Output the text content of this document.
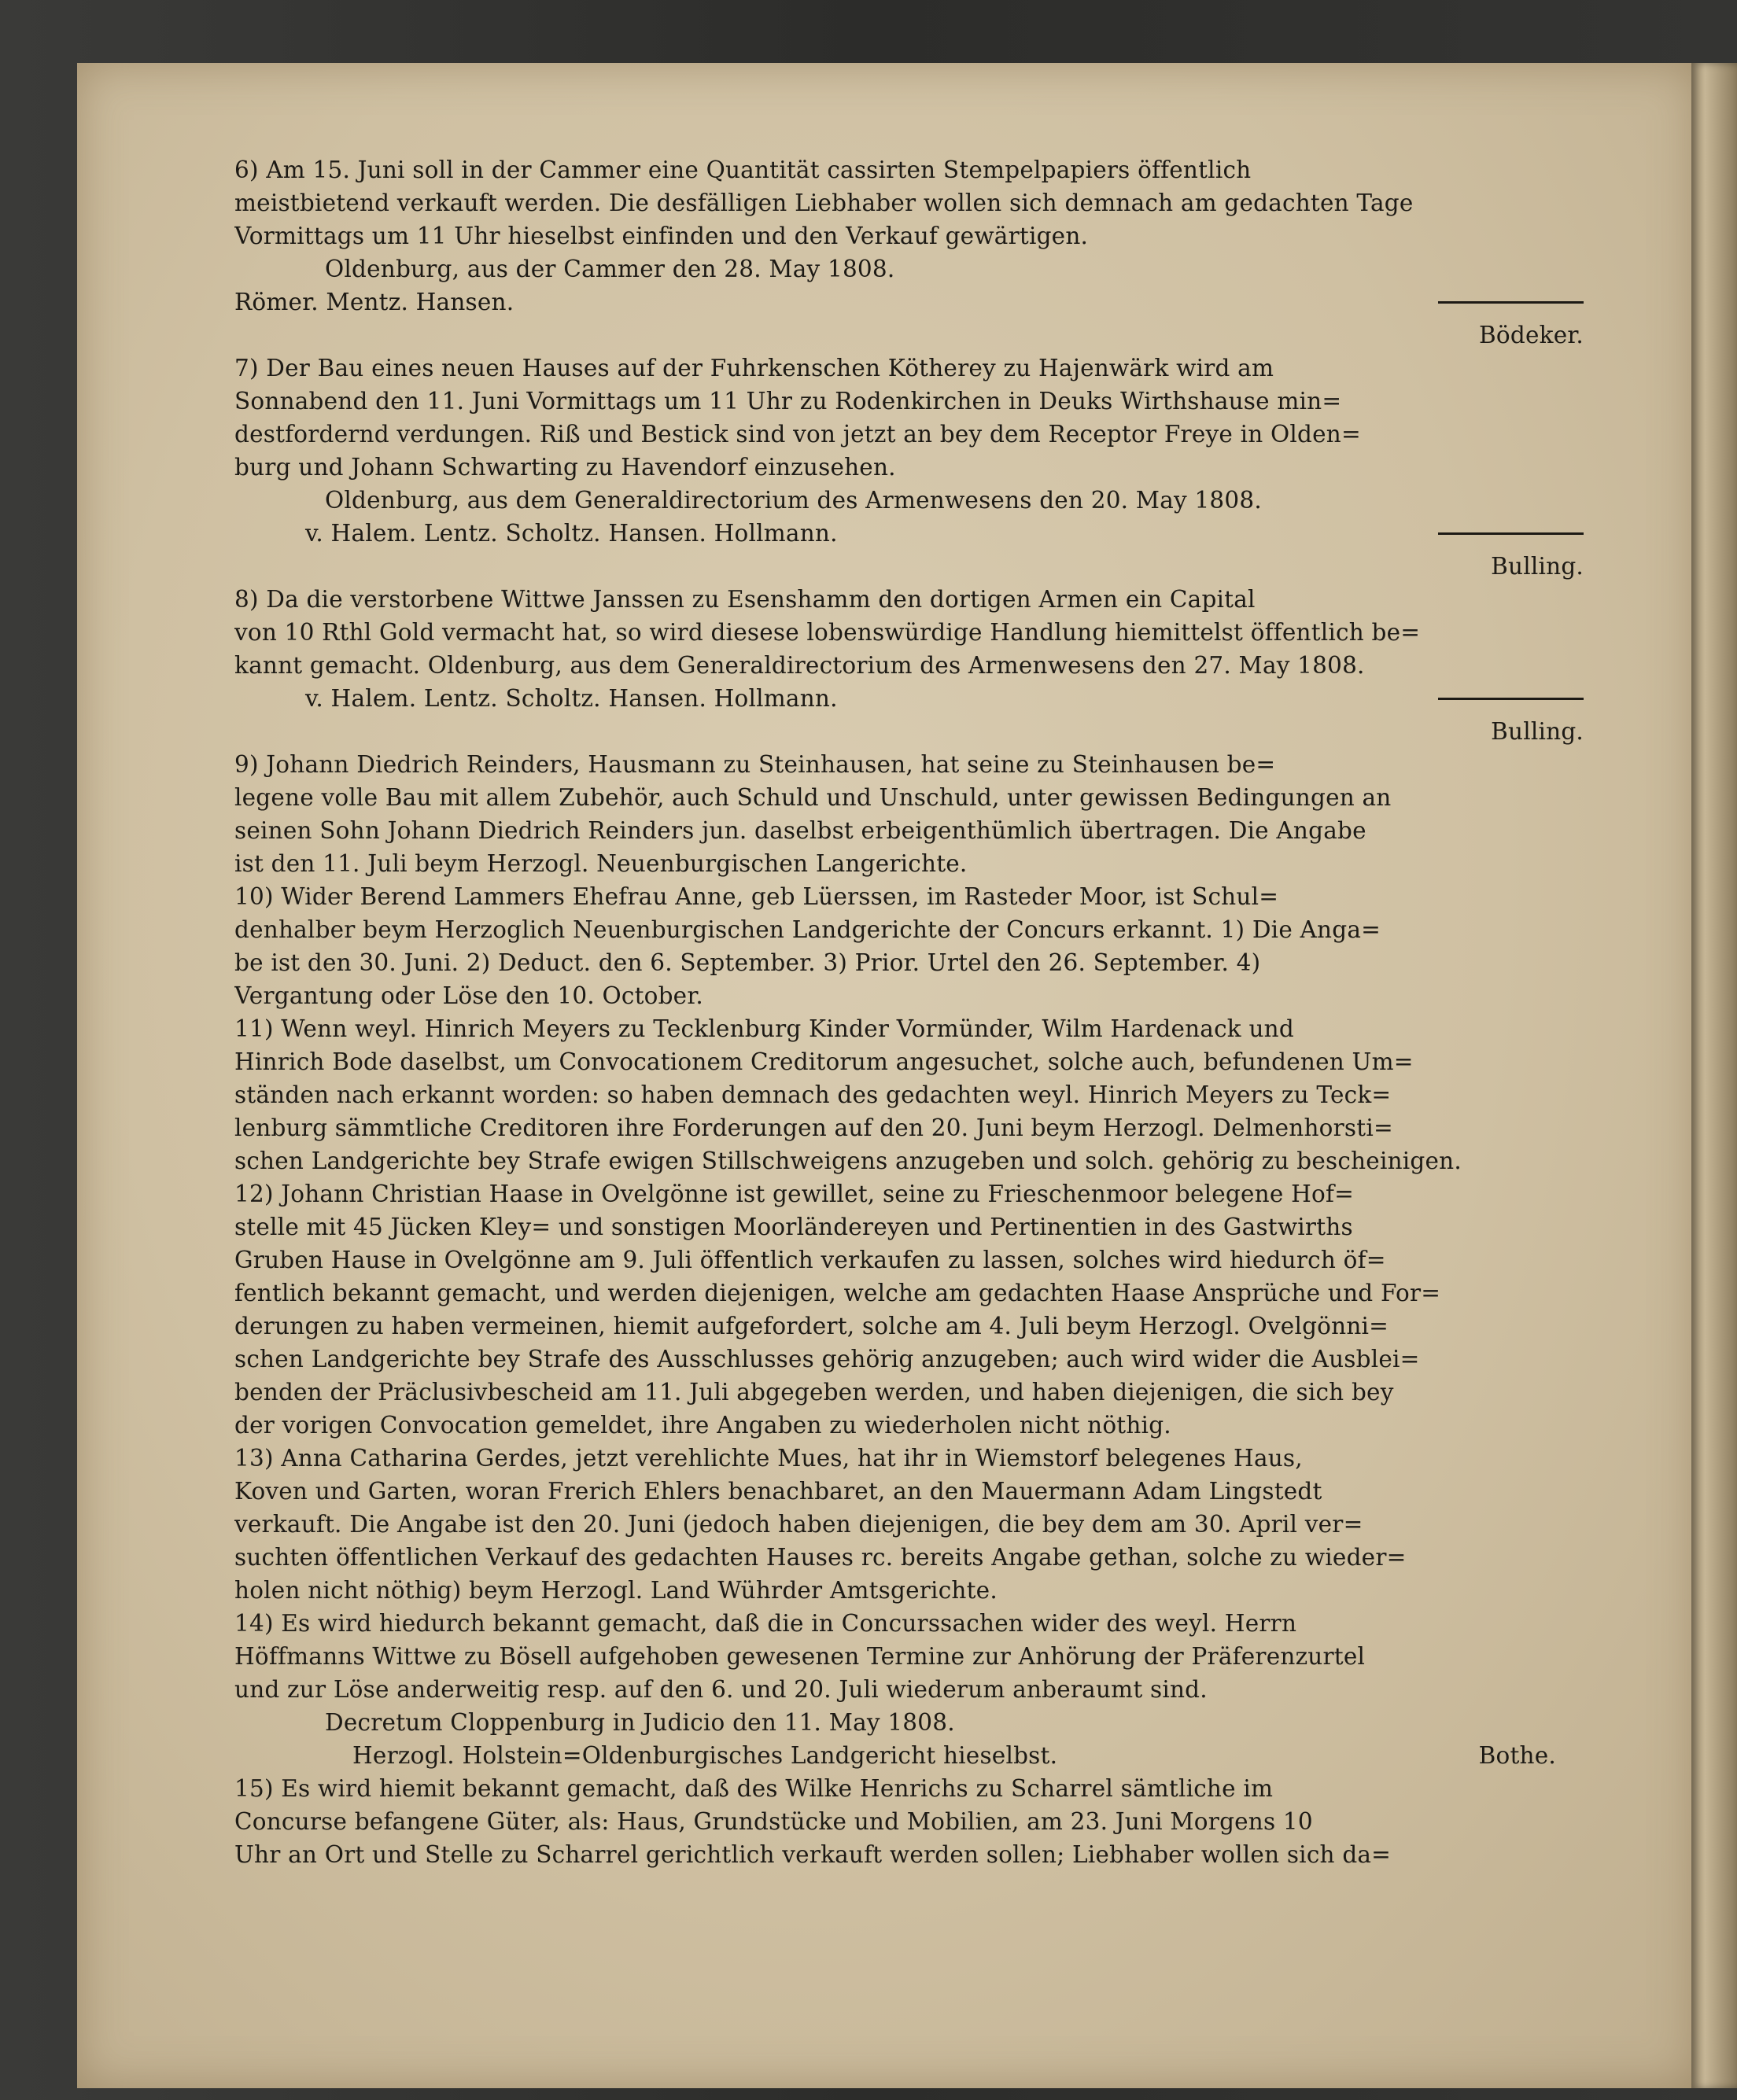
6) Am 15. Juni soll in der Cammer eine Quantität cassirten Stempelpapiers öffentlich
meistbietend verkauft werden. Die desfälligen Liebhaber wollen sich demnach am gedachten Tage
Vormittags um 11 Uhr hieselbst einfinden und den Verkauf gewärtigen.
Oldenburg, aus der Cammer den 28. May 1808.
Römer. Mentz. Hansen.
Bödeker.
7) Der Bau eines neuen Hauses auf der Fuhrkenschen Kötherey zu Hajenwärk wird am
Sonnabend den 11. Juni Vormittags um 11 Uhr zu Rodenkirchen in Deuks Wirthshause min=
destfordernd verdungen. Riß und Bestick sind von jetzt an bey dem Receptor Freye in Olden=
burg und Johann Schwarting zu Havendorf einzusehen.
Oldenburg, aus dem Generaldirectorium des Armenwesens den 20. May 1808.
v. Halem. Lentz. Scholtz. Hansen. Hollmann.
Bulling.
8) Da die verstorbene Wittwe Janssen zu Esenshamm den dortigen Armen ein Capital
von 10 Rthl Gold vermacht hat, so wird diesese lobenswürdige Handlung hiemittelst öffentlich be=
kannt gemacht. Oldenburg, aus dem Generaldirectorium des Armenwesens den 27. May 1808.
v. Halem. Lentz. Scholtz. Hansen. Hollmann.
Bulling.
9) Johann Diedrich Reinders, Hausmann zu Steinhausen, hat seine zu Steinhausen be=
legene volle Bau mit allem Zubehör, auch Schuld und Unschuld, unter gewissen Bedingungen an
seinen Sohn Johann Diedrich Reinders jun. daselbst erbeigenthümlich übertragen. Die Angabe
ist den 11. Juli beym Herzogl. Neuenburgischen Langerichte.
10) Wider Berend Lammers Ehefrau Anne, geb Lüerssen, im Rasteder Moor, ist Schul=
denhalber beym Herzoglich Neuenburgischen Landgerichte der Concurs erkannt. 1) Die Anga=
be ist den 30. Juni. 2) Deduct. den 6. September. 3) Prior. Urtel den 26. September. 4)
Vergantung oder Löse den 10. October.
11) Wenn weyl. Hinrich Meyers zu Tecklenburg Kinder Vormünder, Wilm Hardenack und
Hinrich Bode daselbst, um Convocationem Creditorum angesuchet, solche auch, befundenen Um=
ständen nach erkannt worden: so haben demnach des gedachten weyl. Hinrich Meyers zu Teck=
lenburg sämmtliche Creditoren ihre Forderungen auf den 20. Juni beym Herzogl. Delmenhorsti=
schen Landgerichte bey Strafe ewigen Stillschweigens anzugeben und solch. gehörig zu bescheinigen.
12) Johann Christian Haase in Ovelgönne ist gewillet, seine zu Frieschenmoor belegene Hof=
stelle mit 45 Jücken Kley= und sonstigen Moorländereyen und Pertinentien in des Gastwirths
Gruben Hause in Ovelgönne am 9. Juli öffentlich verkaufen zu lassen, solches wird hiedurch öf=
fentlich bekannt gemacht, und werden diejenigen, welche am gedachten Haase Ansprüche und For=
derungen zu haben vermeinen, hiemit aufgefordert, solche am 4. Juli beym Herzogl. Ovelgönni=
schen Landgerichte bey Strafe des Ausschlusses gehörig anzugeben; auch wird wider die Ausblei=
benden der Präclusivbescheid am 11. Juli abgegeben werden, und haben diejenigen, die sich bey
der vorigen Convocation gemeldet, ihre Angaben zu wiederholen nicht nöthig.
13) Anna Catharina Gerdes, jetzt verehlichte Mues, hat ihr in Wiemstorf belegenes Haus,
Koven und Garten, woran Frerich Ehlers benachbaret, an den Mauermann Adam Lingstedt
verkauft. Die Angabe ist den 20. Juni (jedoch haben diejenigen, die bey dem am 30. April ver=
suchten öffentlichen Verkauf des gedachten Hauses rc. bereits Angabe gethan, solche zu wieder=
holen nicht nöthig) beym Herzogl. Land Wührder Amtsgerichte.
14) Es wird hiedurch bekannt gemacht, daß die in Concurssachen wider des weyl. Herrn
Höffmanns Wittwe zu Bösell aufgehoben gewesenen Termine zur Anhörung der Präferenzurtel
und zur Löse anderweitig resp. auf den 6. und 20. Juli wiederum anberaumt sind.
Decretum Cloppenburg in Judicio den 11. May 1808.
Herzogl. Holstein=Oldenburgisches Landgericht hieselbst.	Bothe.
15) Es wird hiemit bekannt gemacht, daß des Wilke Henrichs zu Scharrel sämtliche im
Concurse befangene Güter, als: Haus, Grundstücke und Mobilien, am 23. Juni Morgens 10
Uhr an Ort und Stelle zu Scharrel gerichtlich verkauft werden sollen; Liebhaber wollen sich da=
